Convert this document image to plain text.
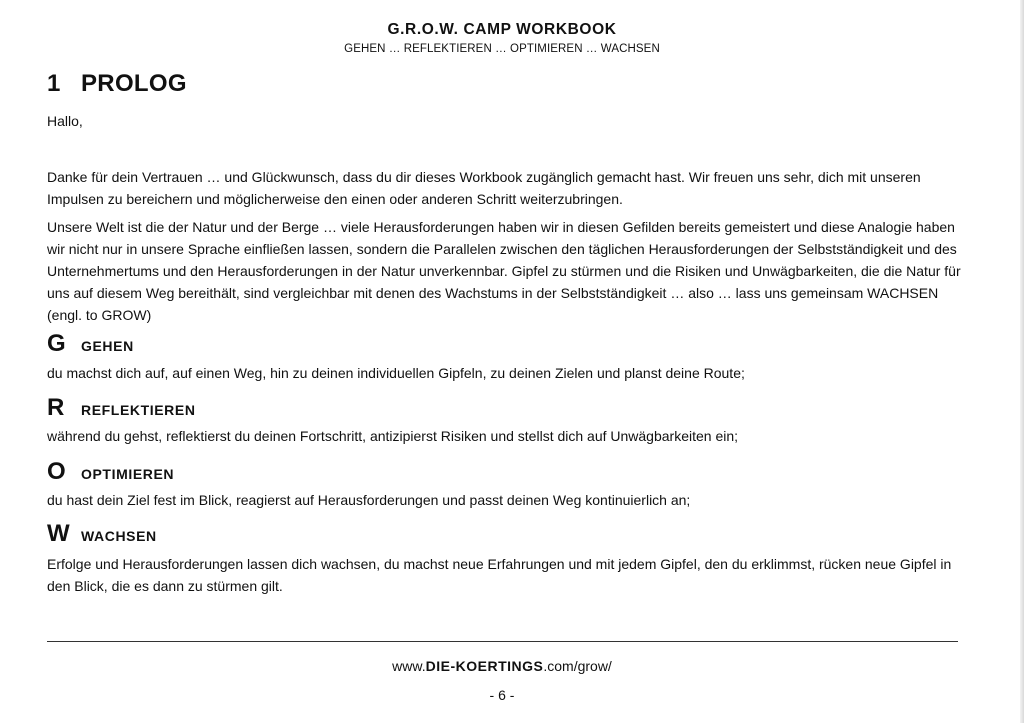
G.R.O.W. CAMP WORKBOOK
GEHEN … REFLEKTIEREN … OPTIMIEREN … WACHSEN
1 PROLOG

Hallo,

Danke für dein Vertrauen … und Glückwunsch, dass du dir dieses Workbook zugänglich gemacht hast. Wir freuen uns sehr, dich mit unseren Impulsen zu bereichern und möglicherweise den einen oder anderen Schritt weiterzubringen.

Unsere Welt ist die der Natur und der Berge … viele Herausforderungen haben wir in diesen Gefilden bereits gemeistert und diese Analogie haben wir nicht nur in unsere Sprache einfließen lassen, sondern die Parallelen zwischen den täglichen Herausforderungen der Selbstständigkeit und des Unternehmertums und den Herausforderungen in der Natur unverkennbar. Gipfel zu stürmen und die Risiken und Unwägbarkeiten, die die Natur für uns auf diesem Weg bereithält, sind vergleichbar mit denen des Wachstums in der Selbstständigkeit … also … lass uns gemeinsam WACHSEN (engl. to GROW)

G	GEHEN

du machst dich auf, auf einen Weg, hin zu deinen individuellen Gipfeln, zu deinen Zielen und planst deine Route;

R	REFLEKTIEREN

während du gehst, reflektierst du deinen Fortschritt, antizipierst Risiken und stellst dich auf Unwägbarkeiten ein;

O	OPTIMIEREN

du hast dein Ziel fest im Blick, reagierst auf Herausforderungen und passt deinen Weg kontinuierlich an;

W WACHSEN

Erfolge und Herausforderungen lassen dich wachsen, du machst neue Erfahrungen und mit jedem Gipfel, den du erklimmst, rücken neue Gipfel in den Blick, die es dann zu stürmen gilt.

www.DIE-KOERTINGS.com/grow/
- 6 -
